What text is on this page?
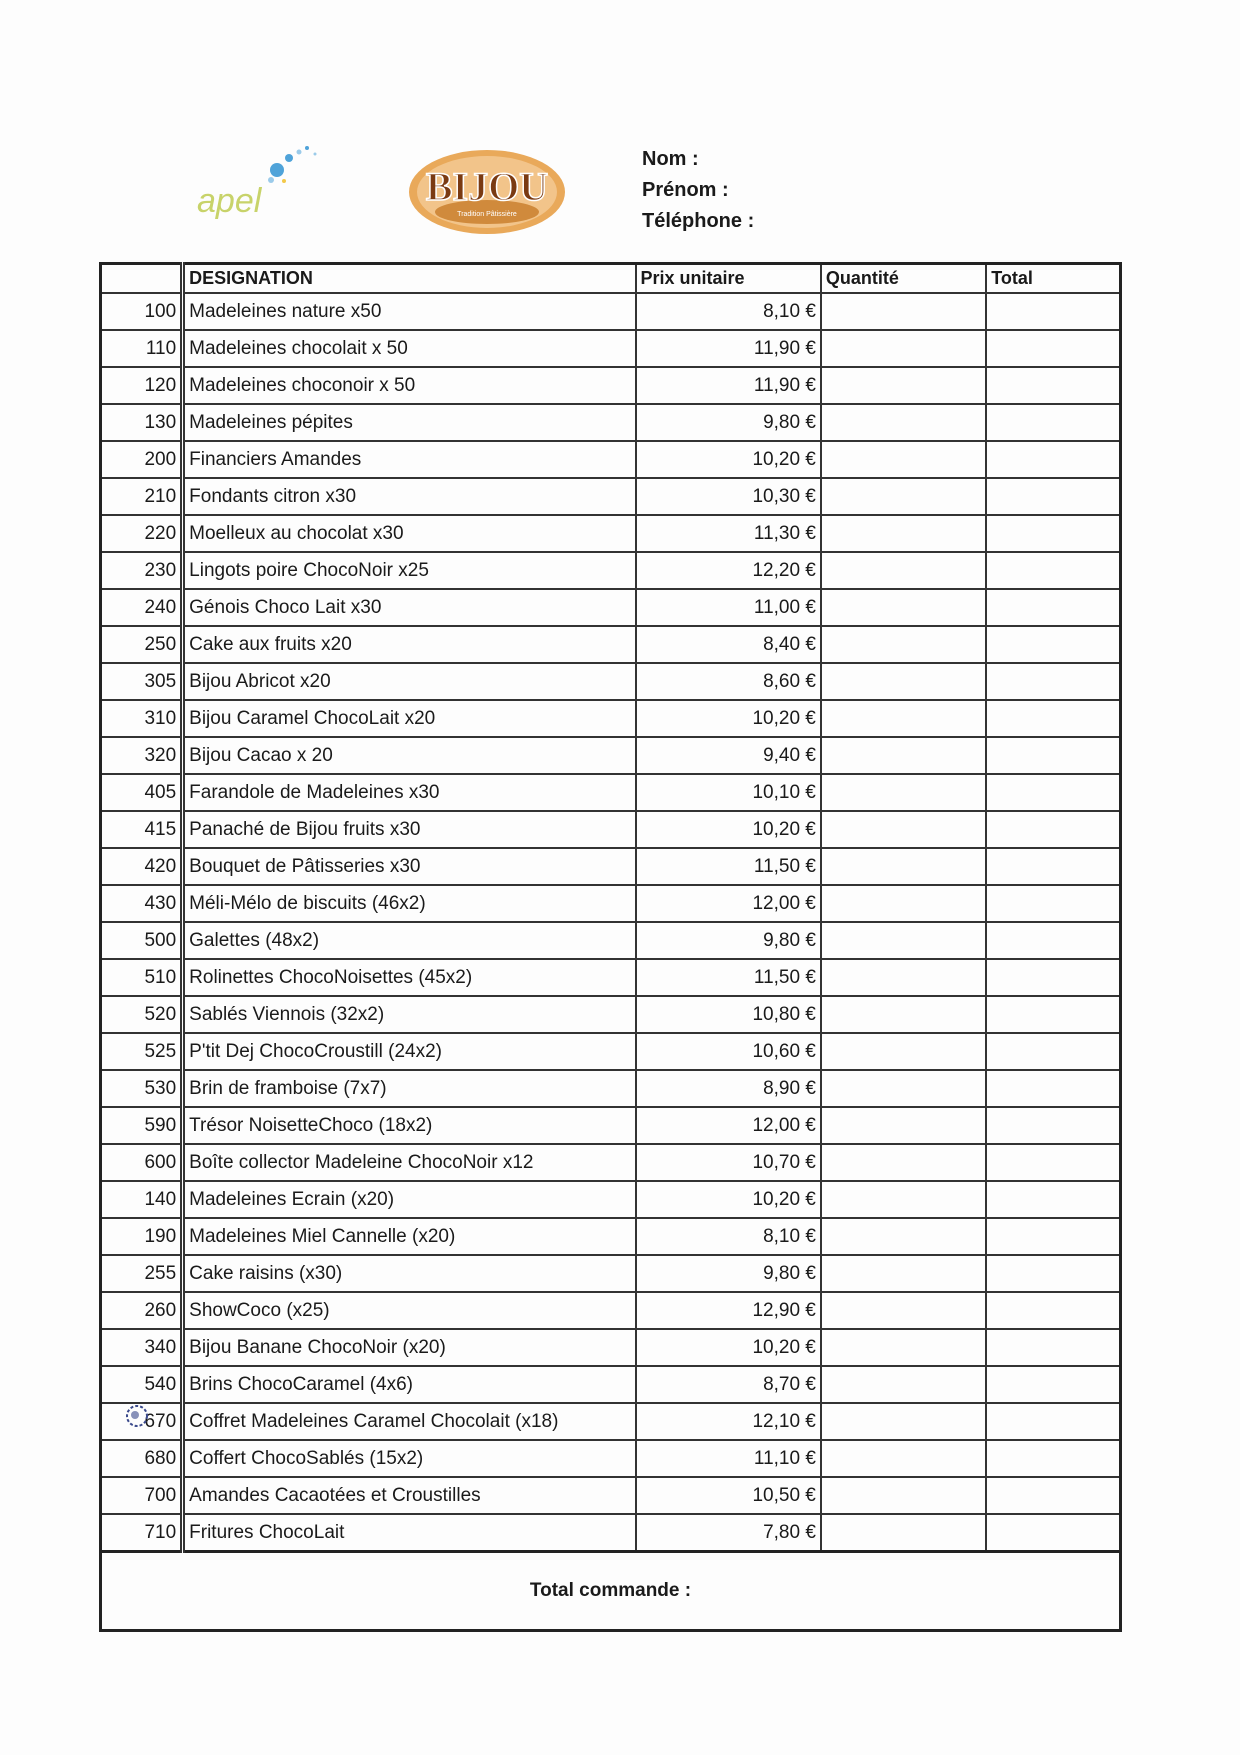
apel	BIJOU
Tradition Pâtissière
Nom :
Prénom :
Téléphone :
	DESIGNATION	Prix unitaire	Quantité	Total
100	Madeleines nature x50	8,10 €		
110	Madeleines chocolait x 50	11,90 €		
120	Madeleines choconoir x 50	11,90 €		
130	Madeleines pépites	9,80 €		
200	Financiers Amandes	10,20 €		
210	Fondants citron x30	10,30 €		
220	Moelleux au chocolat x30	11,30 €		
230	Lingots poire ChocoNoir x25	12,20 €		
240	Génois Choco Lait x30	11,00 €		
250	Cake aux fruits x20	8,40 €		
305	Bijou Abricot x20	8,60 €		
310	Bijou Caramel ChocoLait x20	10,20 €		
320	Bijou Cacao x 20	9,40 €		
405	Farandole de Madeleines x30	10,10 €		
415	Panaché de Bijou fruits x30	10,20 €		
420	Bouquet de Pâtisseries x30	11,50 €		
430	Méli-Mélo de biscuits (46x2)	12,00 €		
500	Galettes (48x2)	9,80 €		
510	Rolinettes ChocoNoisettes (45x2)	11,50 €		
520	Sablés Viennois (32x2)	10,80 €		
525	P'tit Dej ChocoCroustill (24x2)	10,60 €		
530	Brin de framboise (7x7)	8,90 €		
590	Trésor NoisetteChoco (18x2)	12,00 €		
600	Boîte collector Madeleine ChocoNoir x12	10,70 €		
140	Madeleines Ecrain (x20)	10,20 €		
190	Madeleines Miel Cannelle (x20)	8,10 €		
255	Cake raisins (x30)	9,80 €		
260	ShowCoco (x25)	12,90 €		
340	Bijou Banane ChocoNoir (x20)	10,20 €		
540	Brins ChocoCaramel (4x6)	8,70 €		
670	Coffret Madeleines Caramel Chocolait (x18)	12,10 €		
680	Coffert ChocoSablés (15x2)	11,10 €		
700	Amandes Cacaotées et Croustilles	10,50 €		
710	Fritures ChocoLait	7,80 €		
Total commande :				
